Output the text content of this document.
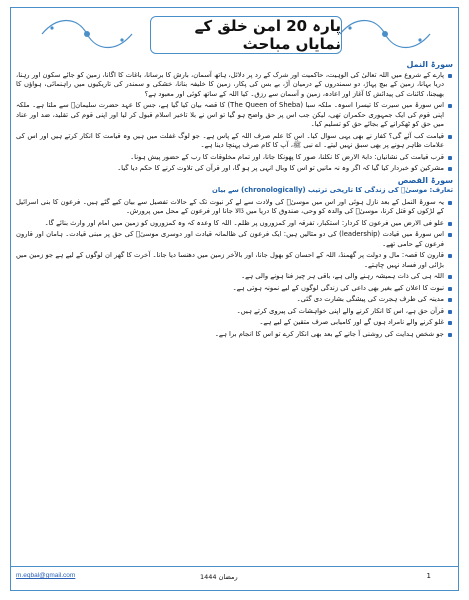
پارہ 20 امن خلق کے نمایاں مباحث
سورۃ النمل
پارے کے شروع میں اللہ تعالیٰ کی الوہیت، حاکمیت اور شرک کے رد پر دلائل، ہاتھ آسمان، بارش کا برسانا، باغات کا اگانا، زمین کو جائے سکون اور رہنا، دریا بہانا، زمین کے بیچ پہاڑ، دو سمندروں کے درمیان آڑ، بے بس کی پکار، زمین کا خلیفہ بنانا، خشکی و سمندر کی تاریکیوں میں راہنمائی، ہواؤں کا بھیجنا، کائنات کی پیدائش کا آغاز اور اعادہ، زمین و آسمان سے رزق۔ کیا اللہ کے ساتھ کوئی اور معبود ہے؟
اس سورۃ میں سیرت کا تیسرا اسوہ۔ ملکہ سبا (The Queen of Sheba) کا قصہ بیان کیا گیا ہے، جس کا عہد حضرت سلیمانؑ سے ملتا ہے۔ ملکہ اپنی قوم کی ایک جمہوری حکمران تھی، لیکن جب اس پر حق واضح ہو گیا تو اس نے بلا تاخیر اسلام قبول کر لیا اور اپنی قوم کی تقلید، ضد اور عناد میں حق کو ٹھکرانے کے بجائے حق کو تسلیم کیا۔
قیامت کب آئے گی؟ کفار نے بھی یہی سوال کیا۔ اس کا علم صرف اللہ کے پاس ہے۔ جو لوگ غفلت میں ہیں وہ قیامت کا انکار کرتے ہیں اور اس کی علامات ظاہر ہونے پر بھی سبق نہیں لیتے۔ اے نبی ﷺ، آپ کا کام صرف پہنچا دینا ہے۔
قرب قیامت کی نشانیاں: دابۃ الارض کا نکلنا، صور کا پھونکا جانا، اور تمام مخلوقات کا رب کے حضور پیش ہونا۔
مشرکین کو خبردار کیا گیا کہ اگر وہ نہ مانیں تو اس کا وبال انہی پر ہو گا، اور قرآن کی تلاوت کرنے کا حکم دیا گیا۔
سورۃ القصص
تعارف: موسیٰؑ کی زندگی کا تاریخی ترتیب (chronologically) سے بیان
یہ سورۃ النمل کے بعد نازل ہوئی اور اس میں موسیٰؑ کی ولادت سے لے کر نبوت تک کے حالات تفصیل سے بیان کیے گئے ہیں۔ فرعون کا بنی اسرائیل کے لڑکوں کو قتل کرنا، موسیٰؑ کی والدہ کو وحی، صندوق کا دریا میں ڈالا جانا اور فرعون کے محل میں پرورش۔
علو فی الارض میں فرعون کا کردار: استکبار، تفرقہ اور کمزوروں پر ظلم۔ اللہ کا وعدہ کہ وہ کمزوروں کو زمین میں امام اور وارث بنائے گا۔
اس سورۃ میں قیادت (leadership) کی دو مثالیں ہیں: ایک فرعون کی ظالمانہ قیادت اور دوسری موسیٰؑ کی حق پر مبنی قیادت۔ ہامان اور قارون فرعون کے حامی تھے۔
قارون کا قصہ: مال و دولت پر گھمنڈ، اللہ کے احسان کو بھول جانا، اور بالآخر زمین میں دھنسا دیا جانا۔ آخرت کا گھر ان لوگوں کے لیے ہے جو زمین میں بڑائی اور فساد نہیں چاہتے۔
اللہ ہی کی ذات ہمیشہ رہنے والی ہے، باقی ہر چیز فنا ہونے والی ہے۔
نبوت کا اعلان کیے بغیر بھی داعی کی زندگی لوگوں کے لیے نمونہ ہوتی ہے۔
مدینہ کی طرف ہجرت کی پیشگی بشارت دی گئی۔
قرآن حق ہے، اس کا انکار کرنے والے اپنی خواہشات کی پیروی کرتے ہیں۔
غلو کرنے والے نامراد ہوں گے اور کامیابی صرف متقین کے لیے ہے۔
جو شخص ہدایت کی روشنی آ جانے کے بعد بھی انکار کرے تو اس کا انجام برا ہے۔
m.eqbal@gmail.com	رمضان 1444	1
